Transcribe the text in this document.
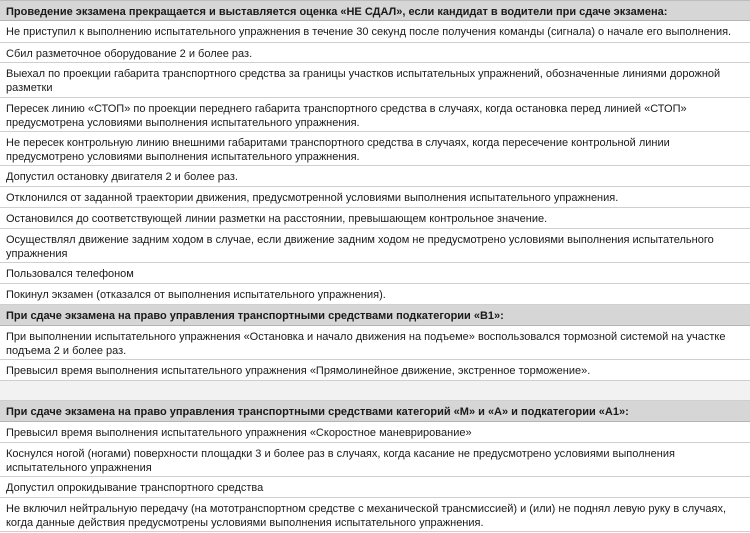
Проведение экзамена прекращается и выставляется оценка «НЕ СДАЛ», если кандидат в водители при сдаче экзамена:
Не приступил к выполнению испытательного упражнения в течение 30 секунд после получения команды (сигнала) о начале его выполнения.
Сбил разметочное оборудование 2 и более раз.
Выехал по проекции габарита транспортного средства за границы участков испытательных упражнений, обозначенные линиями дорожной разметки
Пересек линию «СТОП» по проекции переднего габарита транспортного средства в случаях, когда остановка перед линией «СТОП» предусмотрена условиями выполнения испытательного упражнения.
Не пересек контрольную линию внешними габаритами транспортного средства в случаях, когда пересечение контрольной линии предусмотрено условиями выполнения испытательного упражнения.
Допустил остановку двигателя 2 и более раз.
Отклонился от заданной траектории движения, предусмотренной условиями выполнения испытательного упражнения.
Остановился до соответствующей линии разметки на расстоянии, превышающем контрольное значение.
Осуществлял движение задним ходом в случае, если движение задним ходом не предусмотрено условиями выполнения испытательного упражнения
Пользовался телефоном
Покинул экзамен (отказался от выполнения испытательного упражнения).
При сдаче экзамена на право управления транспортными средствами подкатегории «В1»:
При выполнении испытательного упражнения «Остановка и начало движения на подъеме» воспользовался тормозной системой на участке подъема 2 и более раз.
Превысил время выполнения испытательного упражнения «Прямолинейное движение, экстренное торможение».
При сдаче экзамена на право управления транспортными средствами категорий «М» и «А» и подкатегории «А1»:
Превысил время выполнения испытательного упражнения «Скоростное маневрирование»
Коснулся ногой (ногами) поверхности площадки 3 и более раз в случаях, когда касание не предусмотрено условиями выполнения испытательного упражнения
Допустил опрокидывание транспортного средства
Не включил нейтральную передачу (на мототранспортном средстве с механической трансмиссией) и (или) не поднял левую руку в случаях, когда данные действия предусмотрены условиями выполнения испытательного упражнения.
